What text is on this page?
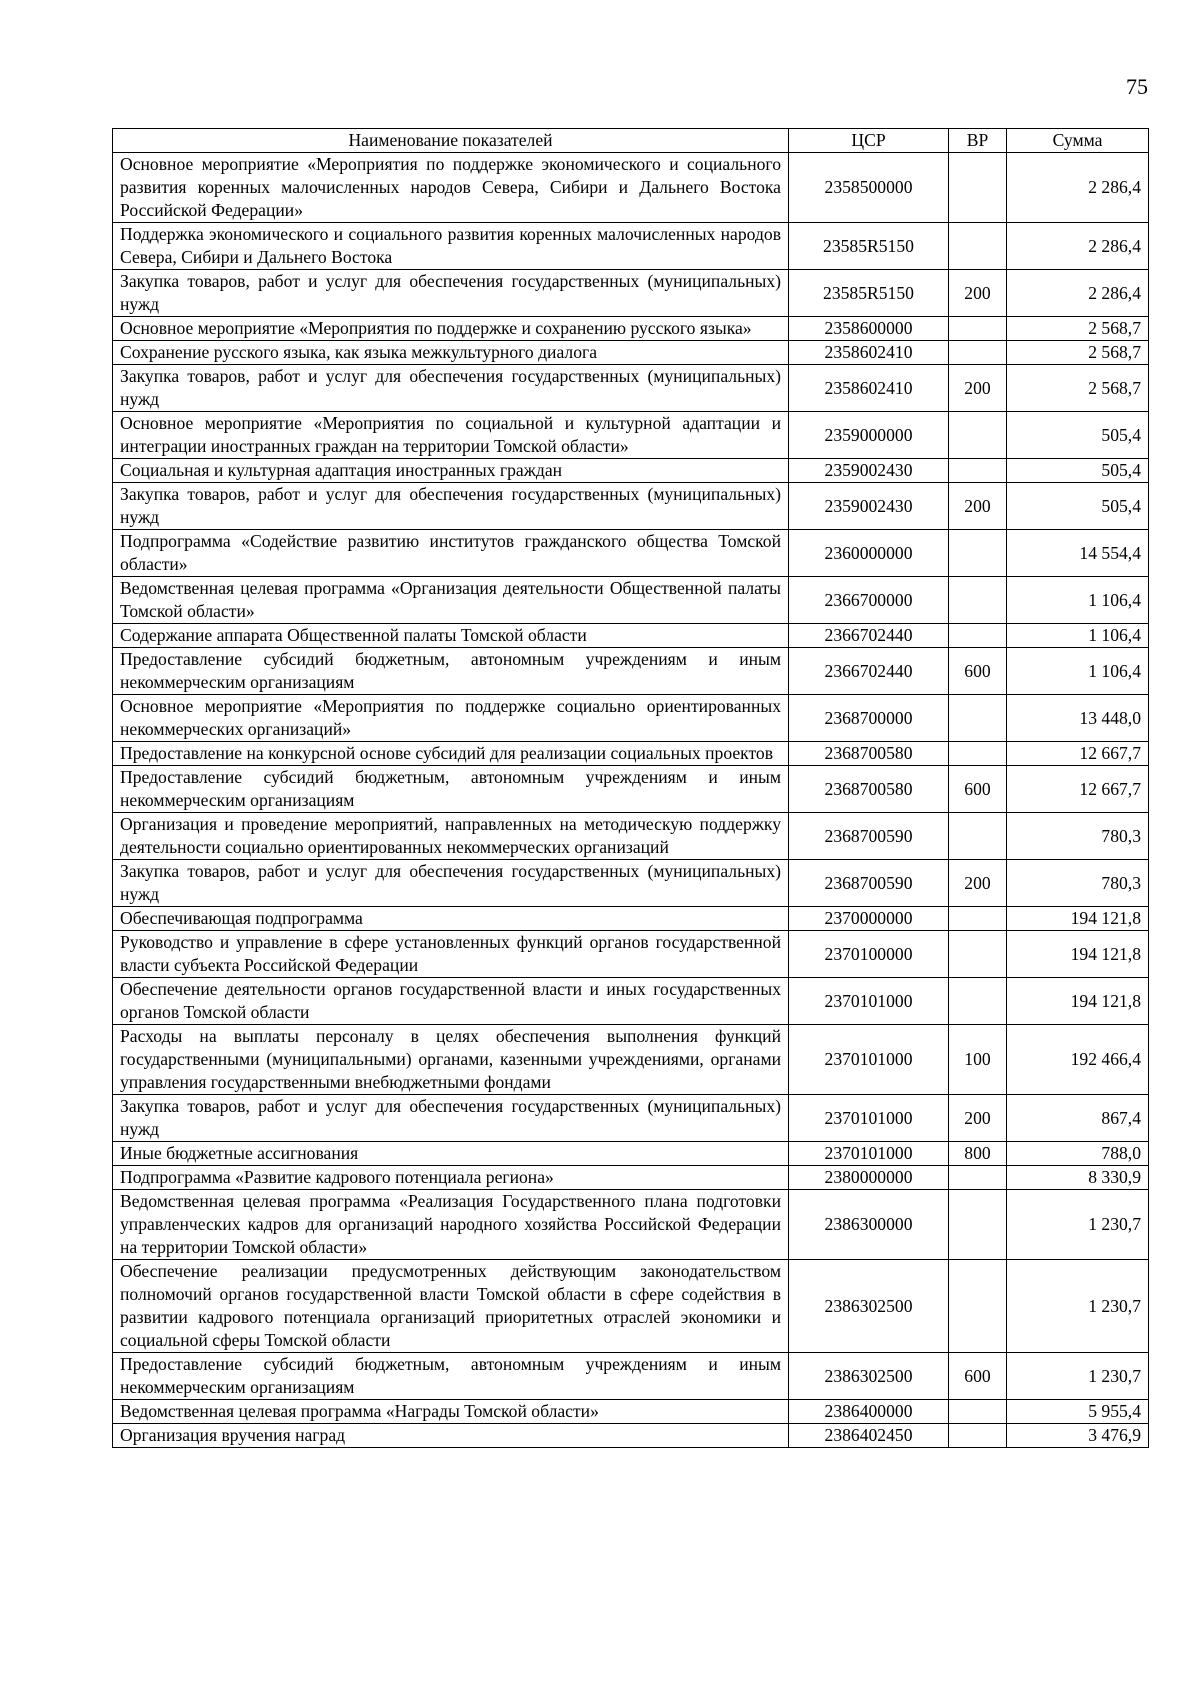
75
Наименование показателей	ЦСР	ВР	Сумма
Основное мероприятие «Мероприятия по поддержке экономического и социального развития коренных малочисленных народов Севера, Сибири и Дальнего Востока Российской Федерации»	2358500000		2 286,4
Поддержка экономического и социального развития коренных малочисленных народов Севера, Сибири и Дальнего Востока	23585R5150		2 286,4
Закупка товаров, работ и услуг для обеспечения государственных (муниципальных) нужд	23585R5150	200	2 286,4
Основное мероприятие «Мероприятия по поддержке и сохранению русского языка»	2358600000		2 568,7
Сохранение русского языка, как языка межкультурного диалога	2358602410		2 568,7
Закупка товаров, работ и услуг для обеспечения государственных (муниципальных) нужд	2358602410	200	2 568,7
Основное мероприятие «Мероприятия по социальной и культурной адаптации и интеграции иностранных граждан на территории Томской области»	2359000000		505,4
Социальная и культурная адаптация иностранных граждан	2359002430		505,4
Закупка товаров, работ и услуг для обеспечения государственных (муниципальных) нужд	2359002430	200	505,4
Подпрограмма «Содействие развитию институтов гражданского общества Томской области»	2360000000		14 554,4
Ведомственная целевая программа «Организация деятельности Общественной палаты Томской области»	2366700000		1 106,4
Содержание аппарата Общественной палаты Томской области	2366702440		1 106,4
Предоставление субсидий бюджетным, автономным учреждениям и иным некоммерческим организациям	2366702440	600	1 106,4
Основное мероприятие «Мероприятия по поддержке социально ориентированных некоммерческих организаций»	2368700000		13 448,0
Предоставление на конкурсной основе субсидий для реализации социальных проектов	2368700580		12 667,7
Предоставление субсидий бюджетным, автономным учреждениям и иным некоммерческим организациям	2368700580	600	12 667,7
Организация и проведение мероприятий, направленных на методическую поддержку деятельности социально ориентированных некоммерческих организаций	2368700590		780,3
Закупка товаров, работ и услуг для обеспечения государственных (муниципальных) нужд	2368700590	200	780,3
Обеспечивающая подпрограмма	2370000000		194 121,8
Руководство и управление в сфере установленных функций органов государственной власти субъекта Российской Федерации	2370100000		194 121,8
Обеспечение деятельности органов государственной власти и иных государственных органов Томской области	2370101000		194 121,8
Расходы на выплаты персоналу в целях обеспечения выполнения функций государственными (муниципальными) органами, казенными учреждениями, органами управления государственными внебюджетными фондами	2370101000	100	192 466,4
Закупка товаров, работ и услуг для обеспечения государственных (муниципальных) нужд	2370101000	200	867,4
Иные бюджетные ассигнования	2370101000	800	788,0
Подпрограмма «Развитие кадрового потенциала региона»	2380000000		8 330,9
Ведомственная целевая программа «Реализация Государственного плана подготовки управленческих кадров для организаций народного хозяйства Российской Федерации на территории Томской области»	2386300000		1 230,7
Обеспечение реализации предусмотренных действующим законодательством полномочий органов государственной власти Томской области в сфере содействия в развитии кадрового потенциала организаций приоритетных отраслей экономики и социальной сферы Томской области	2386302500		1 230,7
Предоставление субсидий бюджетным, автономным учреждениям и иным некоммерческим организациям	2386302500	600	1 230,7
Ведомственная целевая программа «Награды Томской области»	2386400000		5 955,4
Организация вручения наград	2386402450		3 476,9
